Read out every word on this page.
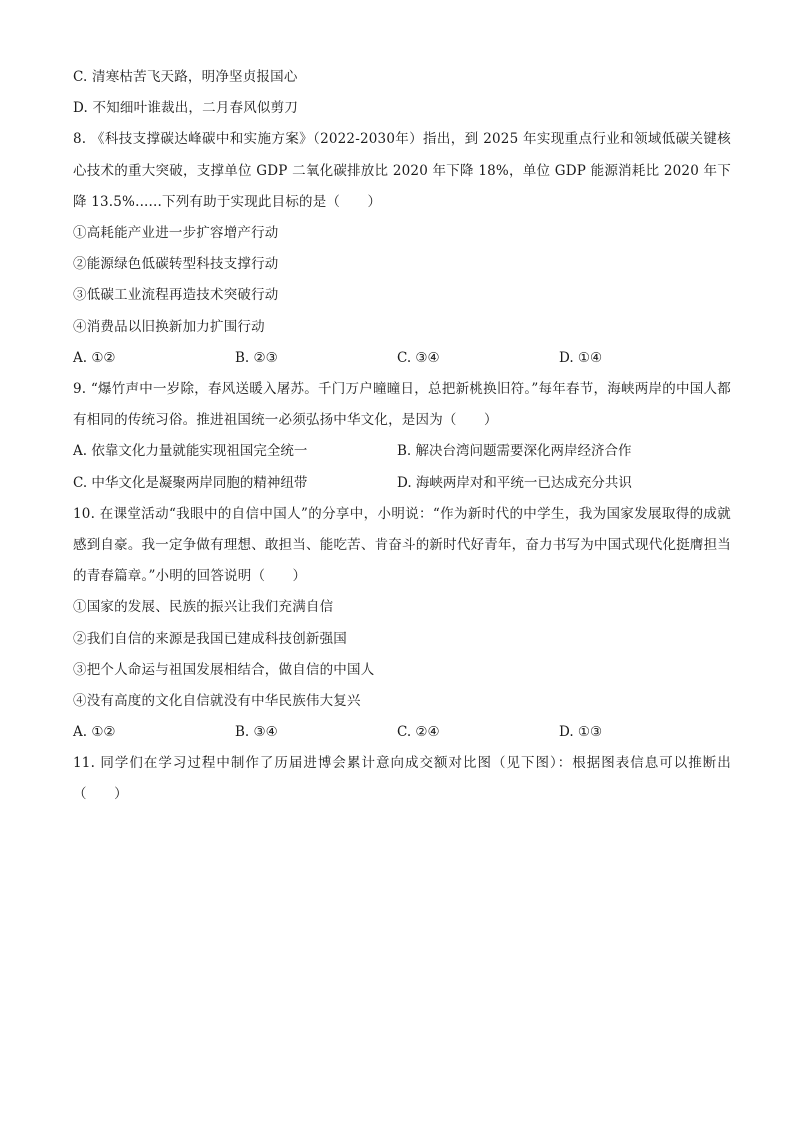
C. 清寒枯苦飞天路，明净坚贞报国心
D. 不知细叶谁裁出，二月春风似剪刀
8. 《科技支撑碳达峰碳中和实施方案》（2022-2030年）指出，到 2025 年实现重点行业和领域低碳关键核心技术的重大突破，支撑单位 GDP 二氧化碳排放比 2020 年下降 18%，单位 GDP 能源消耗比 2020 年下降 13.5%......下列有助于实现此目标的是（　　）
①高耗能产业进一步扩容增产行动
②能源绿色低碳转型科技支撑行动
③低碳工业流程再造技术突破行动
④消费品以旧换新加力扩围行动
A. ①②	B. ②③	C. ③④	D. ①④
9. “爆竹声中一岁除，春风送暖入屠苏。千门万户曈曈日，总把新桃换旧符。”每年春节，海峡两岸的中国人都有相同的传统习俗。推进祖国统一必须弘扬中华文化，是因为（　　）
A. 依靠文化力量就能实现祖国完全统一	B. 解决台湾问题需要深化两岸经济合作
C. 中华文化是凝聚两岸同胞的精神纽带	D. 海峡两岸对和平统一已达成充分共识
10. 在课堂活动“我眼中的自信中国人”的分享中，小明说：“作为新时代的中学生，我为国家发展取得的成就感到自豪。我一定争做有理想、敢担当、能吃苦、肯奋斗的新时代好青年，奋力书写为中国式现代化挺膺担当的青春篇章。”小明的回答说明（　　）
①国家的发展、民族的振兴让我们充满自信
②我们自信的来源是我国已建成科技创新强国
③把个人命运与祖国发展相结合，做自信的中国人
④没有高度的文化自信就没有中华民族伟大复兴
A. ①②	B. ③④	C. ②④	D. ①③
11. 同学们在学习过程中制作了历届进博会累计意向成交额对比图（见下图）：根据图表信息可以推断出（　　）
